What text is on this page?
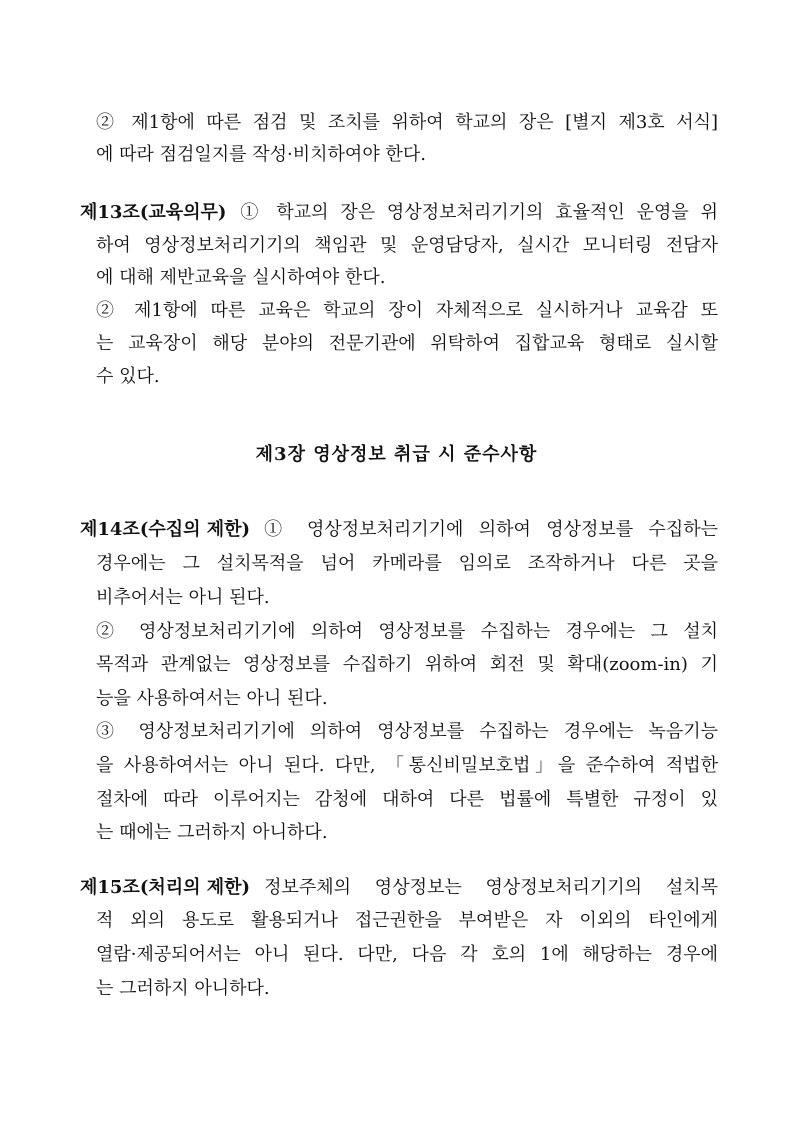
② 제1항에 따른 점검 및 조치를 위하여 학교의 장은 [별지 제3호 서식]
에 따라 점검일지를 작성·비치하여야 한다.
제13조(교육의무) ① 학교의 장은 영상정보처리기기의 효율적인 운영을 위
하여 영상정보처리기기의 책임관 및 운영담당자, 실시간 모니터링 전담자
에 대해 제반교육을 실시하여야 한다.
② 제1항에 따른 교육은 학교의 장이 자체적으로 실시하거나 교육감 또
는 교육장이 해당 분야의 전문기관에 위탁하여 집합교육 형태로 실시할
수 있다.
제3장 영상정보 취급 시 준수사항
제14조(수집의 제한) ① 영상정보처리기기에 의하여 영상정보를 수집하는
경우에는 그 설치목적을 넘어 카메라를 임의로 조작하거나 다른 곳을
비추어서는 아니 된다.
② 영상정보처리기기에 의하여 영상정보를 수집하는 경우에는 그 설치
목적과 관계없는 영상정보를 수집하기 위하여 회전 및 확대(zoom-in) 기
능을 사용하여서는 아니 된다.
③ 영상정보처리기기에 의하여 영상정보를 수집하는 경우에는 녹음기능
을 사용하여서는 아니 된다. 다만, 「통신비밀보호법」을 준수하여 적법한
절차에 따라 이루어지는 감청에 대하여 다른 법률에 특별한 규정이 있
는 때에는 그러하지 아니하다.
제15조(처리의 제한) 정보주체의 영상정보는 영상정보처리기기의 설치목
적 외의 용도로 활용되거나 접근권한을 부여받은 자 이외의 타인에게
열람·제공되어서는 아니 된다. 다만, 다음 각 호의 1에 해당하는 경우에
는 그러하지 아니하다.
